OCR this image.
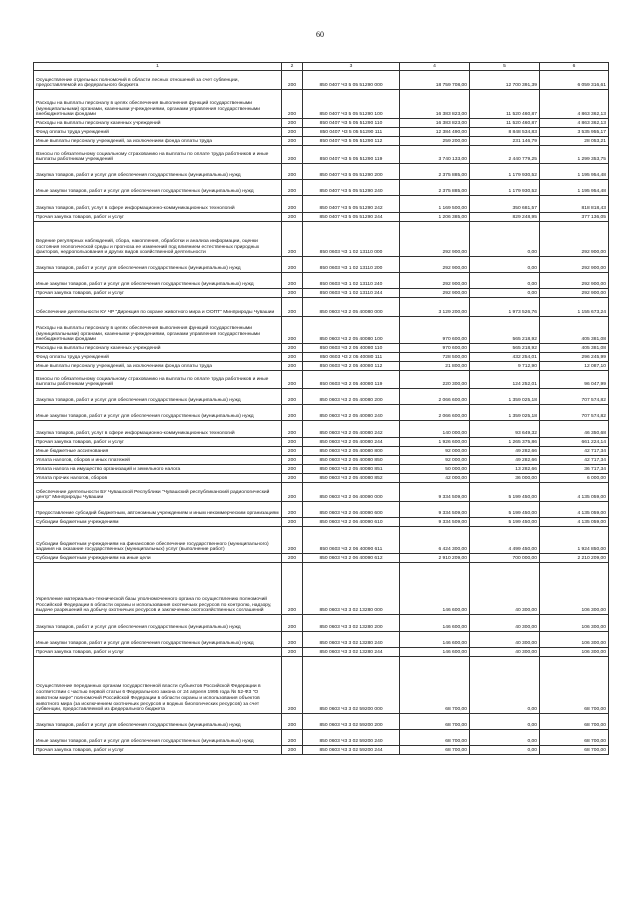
60
1	2	3	4	5	6
Осуществление отдельных полномочий в области лесных отношений за счет субвенции, предоставляемой из федерального бюджета	200	850 0407 Ч3 5 05 51290 000	18 759 708,00	12 700 391,39	6 059 316,61
Расходы на выплаты персоналу в целях обеспечения выполнения функций государственными (муниципальными) органами, казенными учреждениями, органами управления государственными внебюджетными фондами	200	850 0407 Ч3 5 05 51290 100	16 383 823,00	11 520 460,87	4 863 362,13
Расходы на выплаты персоналу казенных учреждений	200	850 0407 Ч3 5 05 51290 110	16 383 823,00	11 520 460,87	4 863 362,13
Фонд оплаты труда учреждений	200	850 0407 Ч3 5 05 51290 111	12 384 490,00	8 848 534,83	3 535 955,17
Иные выплаты персоналу учреждений, за исключением фонда оплаты труда	200	850 0407 Ч3 5 05 51290 112	259 200,00	231 146,79	28 053,21
Взносы по обязательному социальному страхованию на выплаты по оплате труда работников и иные выплаты работникам учреждений	200	850 0407 Ч3 5 05 51290 119	3 740 133,00	2 440 779,25	1 299 353,75
Закупка товаров, работ и услуг для обеспечения государственных (муниципальных) нужд	200	850 0407 Ч3 5 05 51290 200	2 375 885,00	1 179 930,52	1 195 954,48
Иные закупки товаров, работ и услуг для обеспечения государственных (муниципальных) нужд	200	850 0407 Ч3 5 05 51290 240	2 375 885,00	1 179 930,52	1 195 954,48
Закупка товаров, работ, услуг в сфере информационно-коммуникационных технологий	200	850 0407 Ч3 5 05 51290 242	1 169 500,00	350 681,57	818 818,43
Прочая закупка товаров, работ и услуг	200	850 0407 Ч3 5 05 51290 244	1 206 385,00	829 248,95	377 136,05
Ведение регулярных наблюдений, сбора, накопления, обработки и анализа информации, оценки состояния геологической среды и прогноза ее изменений под влиянием естественных природных факторов, недропользования и других видов хозяйственной деятельности	200	850 0603 Ч3 1 02 13110 000	292 900,00	0,00	292 900,00
Закупка товаров, работ и услуг для обеспечения государственных (муниципальных) нужд	200	850 0603 Ч3 1 02 13110 200	292 900,00	0,00	292 900,00
Иные закупки товаров, работ и услуг для обеспечения государственных (муниципальных) нужд	200	850 0603 Ч3 1 02 13110 240	292 900,00	0,00	292 900,00
Прочая закупка товаров, работ и услуг	200	850 0603 Ч3 1 02 13110 244	292 900,00	0,00	292 900,00
Обеспечение деятельности КУ ЧР "Дирекция по охране животного мира и ООПТ" Минприроды Чувашии	200	850 0603 Ч3 2 05 40080 000	3 129 200,00	1 973 526,76	1 155 673,24
Расходы на выплаты персоналу в целях обеспечения выполнения функций государственными (муниципальными) органами, казенными учреждениями, органами управления государственными внебюджетными фондами	200	850 0603 Ч3 2 05 40080 100	970 600,00	565 218,92	405 381,08
Расходы на выплаты персоналу казенных учреждений	200	850 0603 Ч3 2 05 40080 110	970 600,00	565 218,92	405 381,08
Фонд оплаты труда учреждений	200	850 0603 Ч3 2 05 40080 111	728 500,00	432 254,01	296 245,99
Иные выплаты персоналу учреждений, за исключением фонда оплаты труда	200	850 0603 Ч3 2 05 40080 112	21 800,00	9 712,90	12 087,10
Взносы по обязательному социальному страхованию на выплаты по оплате труда работников и иные выплаты работникам учреждений	200	850 0603 Ч3 2 05 40080 119	220 300,00	124 252,01	96 047,99
Закупка товаров, работ и услуг для обеспечения государственных (муниципальных) нужд	200	850 0603 Ч3 2 05 40080 200	2 066 600,00	1 359 025,18	707 574,82
Иные закупки товаров, работ и услуг для обеспечения государственных (муниципальных) нужд	200	850 0603 Ч3 2 05 40080 240	2 066 600,00	1 359 025,18	707 574,82
Закупка товаров, работ, услуг в сфере информационно-коммуникационных технологий	200	850 0603 Ч3 2 05 40080 242	140 000,00	93 649,32	46 350,68
Прочая закупка товаров, работ и услуг	200	850 0603 Ч3 2 05 40080 244	1 926 600,00	1 265 375,86	661 224,14
Иные бюджетные ассигнования	200	850 0603 Ч3 2 05 40080 800	92 000,00	49 282,66	42 717,34
Уплата налогов, сборов и иных платежей	200	850 0603 Ч3 2 05 40080 850	92 000,00	49 282,66	42 717,34
Уплата налога на имущество организаций и земельного налога	200	850 0603 Ч3 2 05 40080 851	50 000,00	13 282,66	36 717,34
Уплата прочих налогов, сборов	200	850 0603 Ч3 2 05 40080 852	42 000,00	36 000,00	6 000,00
Обеспечение деятельности БУ Чувашской Республики "Чувашский республиканский радиологический центр" Минприроды Чувашии	200	850 0603 Ч3 2 06 40090 000	9 334 509,00	5 199 450,00	4 135 059,00
Предоставление субсидий бюджетным, автономным учреждениям и иным некоммерческим организациям	200	850 0603 Ч3 2 06 40090 600	9 334 509,00	5 199 450,00	4 135 059,00
Субсидии бюджетным учреждениям	200	850 0603 Ч3 2 06 40090 610	9 334 509,00	5 199 450,00	4 135 059,00
Субсидии бюджетным учреждениям на финансовое обеспечение государственного (муниципального) задания на оказание государственных (муниципальных) услуг (выполнение работ)	200	850 0603 Ч3 2 06 40090 611	6 424 300,00	4 499 450,00	1 924 850,00
Субсидии бюджетным учреждениям на иные цели	200	850 0603 Ч3 2 06 40090 612	2 910 209,00	700 000,00	2 210 209,00
Укрепление материально-технической базы уполномоченного органа по осуществлению полномочий Российской Федерации в области охраны и использования охотничьих ресурсов по контролю, надзору, выдаче разрешений на добычу охотничьих ресурсов и заключению охотхозяйственных соглашений	200	850 0603 Ч3 3 02 13280 000	146 600,00	40 300,00	106 300,00
Закупка товаров, работ и услуг для обеспечения государственных (муниципальных) нужд	200	850 0603 Ч3 3 02 13280 200	146 600,00	40 300,00	106 300,00
Иные закупки товаров, работ и услуг для обеспечения государственных (муниципальных) нужд	200	850 0603 Ч3 3 02 13280 240	146 600,00	40 300,00	106 300,00
Прочая закупка товаров, работ и услуг	200	850 0603 Ч3 3 02 13280 244	146 600,00	40 300,00	106 300,00
Осуществление переданных органам государственной власти субъектов Российской Федерации в соответствии с частью первой статьи 6 Федерального закона от 24 апреля 1995 года № 52-ФЗ "О животном мире" полномочий Российской Федерации в области охраны и использования объектов животного мира (за исключением охотничьих ресурсов и водных биологических ресурсов) за счет субвенции, предоставляемой из федерального бюджета	200	850 0603 Ч3 3 02 59200 000	68 700,00	0,00	68 700,00
Закупка товаров, работ и услуг для обеспечения государственных (муниципальных) нужд	200	850 0603 Ч3 3 02 59200 200	68 700,00	0,00	68 700,00
Иные закупки товаров, работ и услуг для обеспечения государственных (муниципальных) нужд	200	850 0603 Ч3 3 02 59200 240	68 700,00	0,00	68 700,00
Прочая закупка товаров, работ и услуг	200	850 0603 Ч3 3 02 59200 244	68 700,00	0,00	68 700,00
